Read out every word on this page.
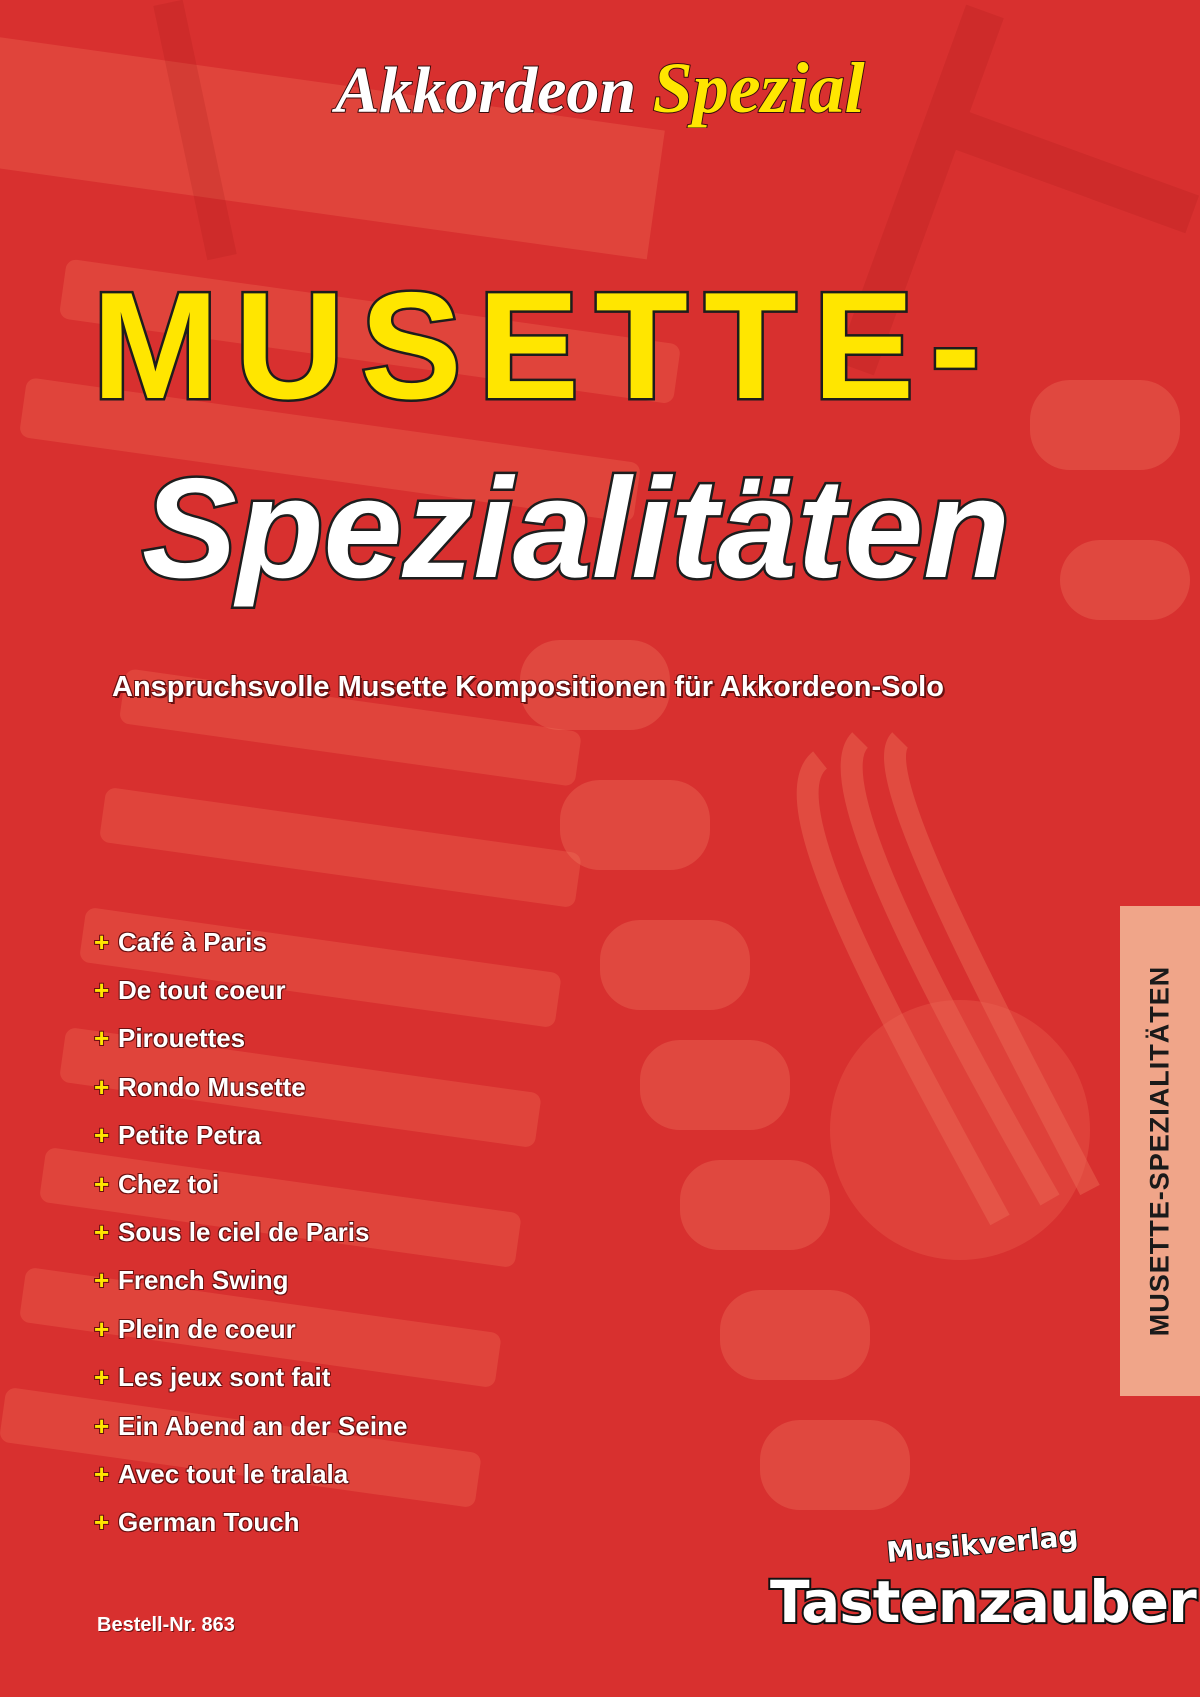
Akkordeon Spezial
MUSETTE-
Spezialitäten
Anspruchsvolle Musette Kompositionen für Akkordeon-Solo
+ Café à Paris
+ De tout coeur
+ Pirouettes
+ Rondo Musette
+ Petite Petra
+ Chez toi
+ Sous le ciel de Paris
+ French Swing
+ Plein de coeur
+ Les jeux sont fait
+ Ein Abend an der Seine
+ Avec tout le tralala
+ German Touch
MUSETTE-SPEZIALITÄTEN
Bestell-Nr. 863
Musikverlag
Tastenzauber
